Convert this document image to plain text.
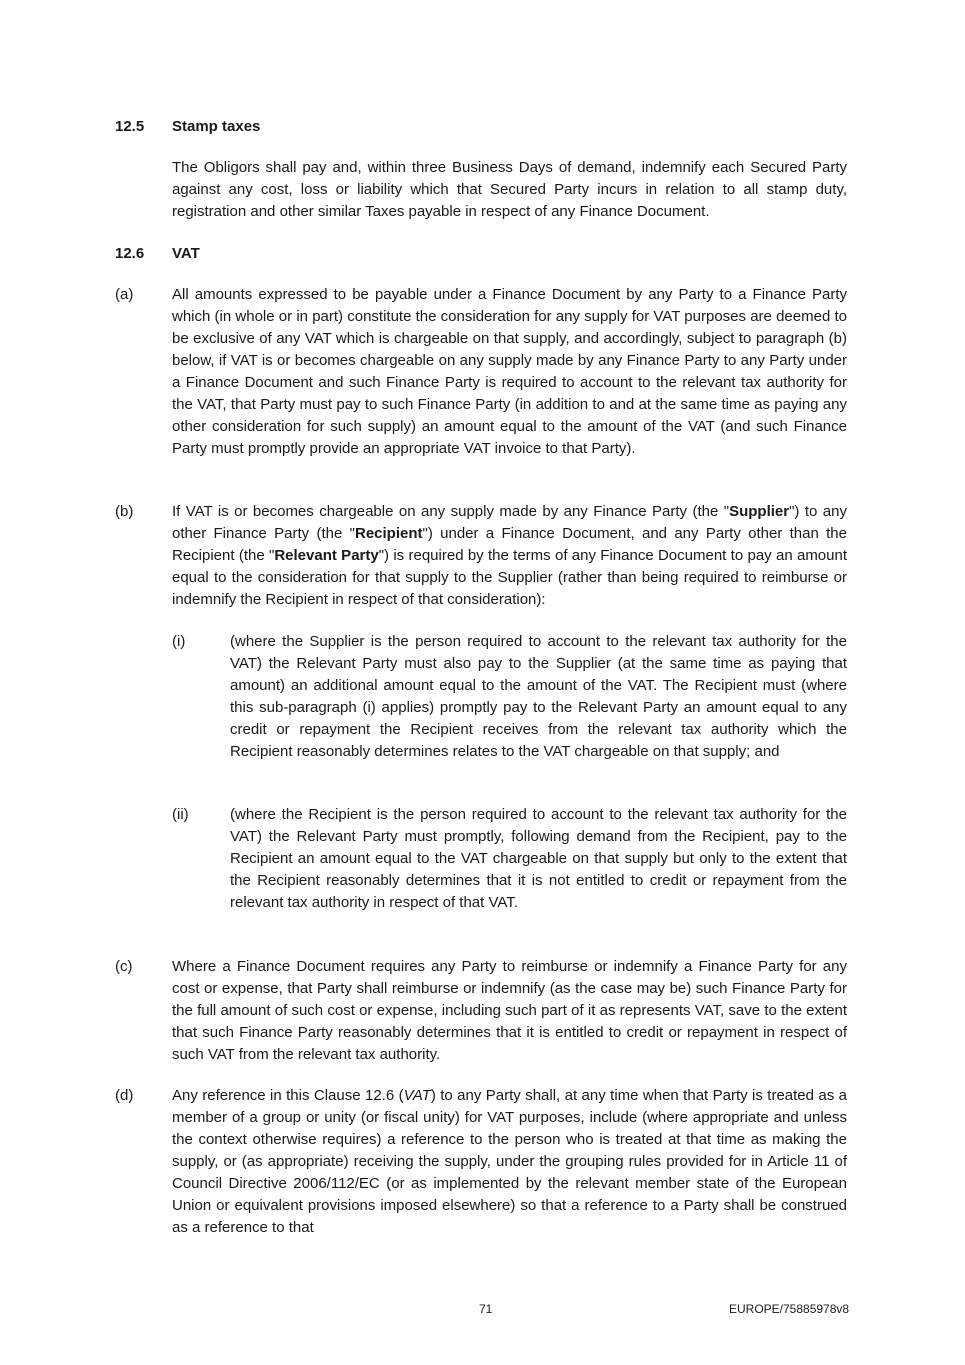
12.5 Stamp taxes

The Obligors shall pay and, within three Business Days of demand, indemnify each Secured Party against any cost, loss or liability which that Secured Party incurs in relation to all stamp duty, registration and other similar Taxes payable in respect of any Finance Document.

12.6 VAT
(a)	All amounts expressed to be payable under a Finance Document by any Party to a Finance Party which (in whole or in part) constitute the consideration for any supply for VAT purposes are deemed to be exclusive of any VAT which is chargeable on that supply, and accordingly, subject to paragraph (b) below, if VAT is or becomes chargeable on any supply made by any Finance Party to any Party under a Finance Document and such Finance Party is required to account to the relevant tax authority for the VAT, that Party must pay to such Finance Party (in addition to and at the same time as paying any other consideration for such supply) an amount equal to the amount of the VAT (and such Finance Party must promptly provide an appropriate VAT invoice to that Party).

(b)	If VAT is or becomes chargeable on any supply made by any Finance Party (the "Supplier") to any other Finance Party (the "Recipient") under a Finance Document, and any Party other than the Recipient (the "Relevant Party") is required by the terms of any Finance Document to pay an amount equal to the consideration for that supply to the Supplier (rather than being required to reimburse or indemnify the Recipient in respect of that consideration):

(i)	(where the Supplier is the person required to account to the relevant tax authority for the VAT) the Relevant Party must also pay to the Supplier (at the same time as paying that amount) an additional amount equal to the amount of the VAT. The Recipient must (where this sub-paragraph (i) applies) promptly pay to the Relevant Party an amount equal to any credit or repayment the Recipient receives from the relevant tax authority which the Recipient reasonably determines relates to the VAT chargeable on that supply; and

(ii)	(where the Recipient is the person required to account to the relevant tax authority for the VAT) the Relevant Party must promptly, following demand from the Recipient, pay to the Recipient an amount equal to the VAT chargeable on that supply but only to the extent that the Recipient reasonably determines that it is not entitled to credit or repayment from the relevant tax authority in respect of that VAT.

(c)	Where a Finance Document requires any Party to reimburse or indemnify a Finance Party for any cost or expense, that Party shall reimburse or indemnify (as the case may be) such Finance Party for the full amount of such cost or expense, including such part of it as represents VAT, save to the extent that such Finance Party reasonably determines that it is entitled to credit or repayment in respect of such VAT from the relevant tax authority.

(d)	Any reference in this Clause 12.6 (VAT) to any Party shall, at any time when that Party is treated as a member of a group or unity (or fiscal unity) for VAT purposes, include (where appropriate and unless the context otherwise requires) a reference to the person who is treated at that time as making the supply, or (as appropriate) receiving the supply, under the grouping rules provided for in Article 11 of Council Directive 2006/112/EC (or as implemented by the relevant member state of the European Union or equivalent provisions imposed elsewhere) so that a reference to a Party shall be construed as a reference to that

71	EUROPE/75885978v8
